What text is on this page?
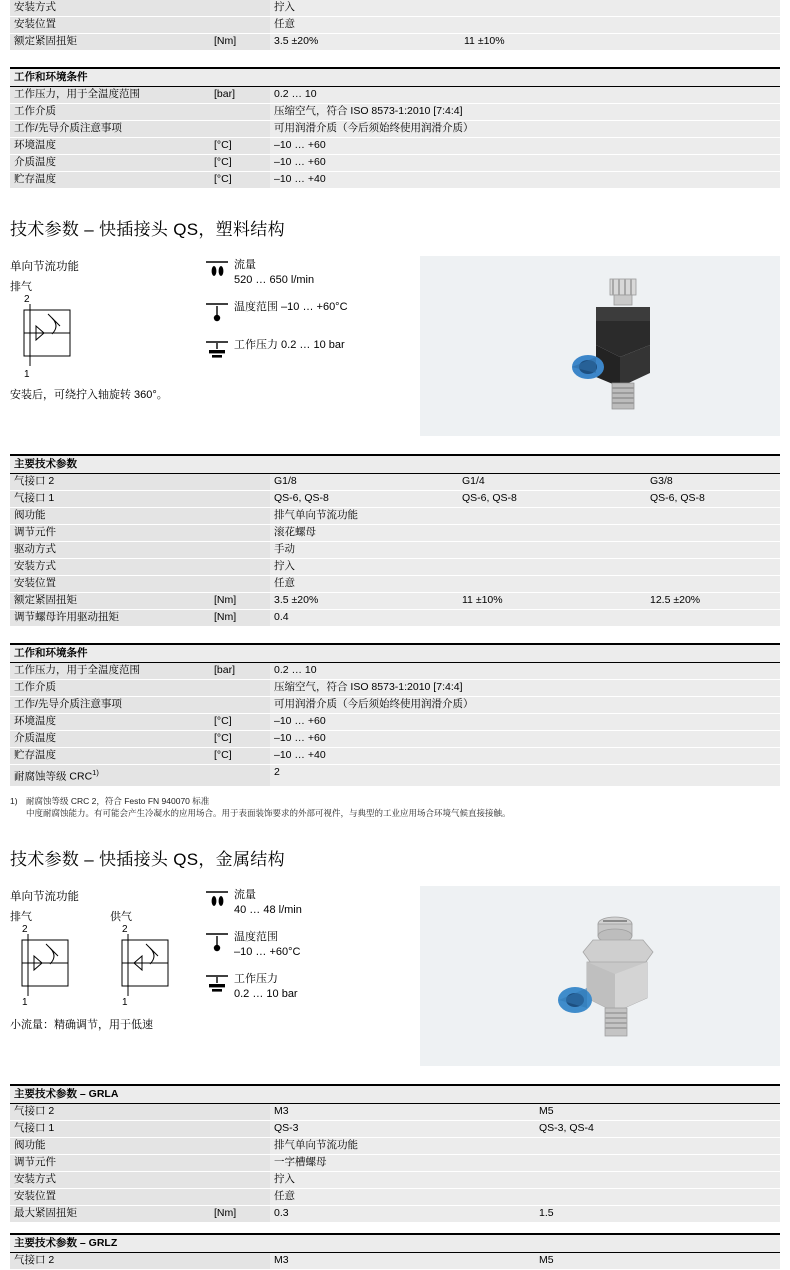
安装方式		拧入	
安装位置		任意	
额定紧固扭矩	[Nm]	3.5 ±20%	11 ±10%
工作和环境条件		
工作压力，用于全温度范围	[bar]	0.2 … 10
工作介质		压缩空气，符合 ISO 8573-1:2010 [7:4:4]
工作/先导介质注意事项		可用润滑介质（今后须始终使用润滑介质）
环境温度	[°C]	–10 … +60
介质温度	[°C]	–10 … +60
贮存温度	[°C]	–10 … +40
技术参数 – 快插接头 QS，塑料结构
单向节流功能
排气
2
1
安装后，可绕拧入轴旋转 360°。
流量
520 … 650 l/min
温度范围 –10 … +60°C
工作压力 0.2 … 10 bar
主要技术参数				
气接口 2		G1/8	G1/4	G3/8
气接口 1		QS-6, QS-8	QS-6, QS-8	QS-6, QS-8
阀功能		排气单向节流功能		
调节元件		滚花螺母		
驱动方式		手动		
安装方式		拧入		
安装位置		任意		
额定紧固扭矩	[Nm]	3.5 ±20%	11 ±10%	12.5 ±20%
调节螺母许用驱动扭矩	[Nm]	0.4		
工作和环境条件		
工作压力，用于全温度范围	[bar]	0.2 … 10
工作介质		压缩空气，符合 ISO 8573-1:2010 [7:4:4]
工作/先导介质注意事项		可用润滑介质（今后须始终使用润滑介质）
环境温度	[°C]	–10 … +60
介质温度	[°C]	–10 … +60
贮存温度	[°C]	–10 … +40
耐腐蚀等级 CRC$^{1)}$		2
1) 耐腐蚀等级 CRC 2，符合 Festo FN 940070 标准
中度耐腐蚀能力。有可能会产生冷凝水的应用场合。用于表面装饰要求的外部可视件，与典型的工业应用场合环境气候直接接触。
技术参数 – 快插接头 QS，金属结构
单向节流功能
排气
2
1
供气
2
1
小流量：精确调节，用于低速
流量
40 … 48 l/min
温度范围
–10 … +60°C
工作压力
0.2 … 10 bar
主要技术参数 – GRLA			
气接口 2		M3	M5
气接口 1		QS-3	QS-3, QS-4
阀功能		排气单向节流功能	
调节元件		一字槽螺母	
安装方式		拧入	
安装位置		任意	
最大紧固扭矩	[Nm]	0.3	1.5
主要技术参数 – GRLZ
气接口 2		M3	M5
